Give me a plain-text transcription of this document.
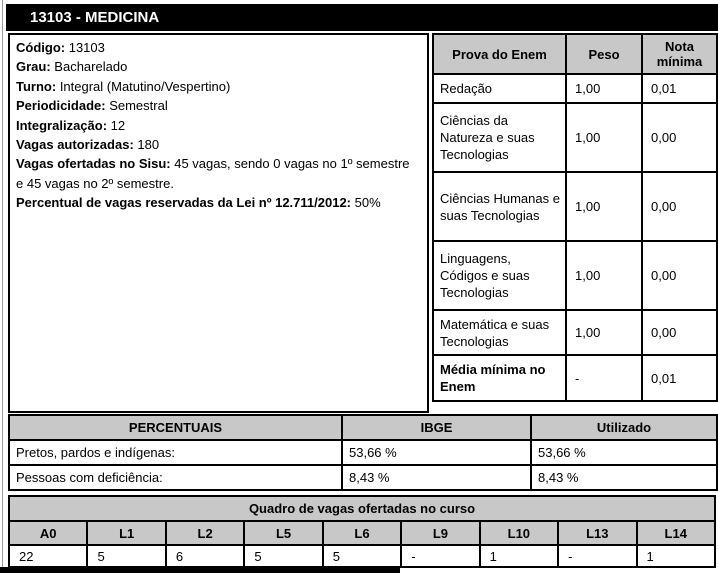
13103 - MEDICINA
Código: 13103
Grau: Bacharelado
Turno: Integral (Matutino/Vespertino)
Periodicidade: Semestral
Integralização: 12
Vagas autorizadas: 180
Vagas ofertadas no Sisu: 45 vagas, sendo 0 vagas no 1º semestre e 45 vagas no 2º semestre.
Percentual de vagas reservadas da Lei nº 12.711/2012: 50%
Prova do Enem	Peso	Nota mínima
Redação	1,00	0,01
Ciências da Natureza e suas Tecnologias	1,00	0,00
Ciências Humanas e suas Tecnologias	1,00	0,00
Linguagens, Códigos e suas Tecnologias	1,00	0,00
Matemática e suas Tecnologias	1,00	0,00
Média mínima no Enem	-	0,01
PERCENTUAIS	IBGE	Utilizado
Pretos, pardos e indígenas:	53,66 %	53,66 %
Pessoas com deficiência:	8,43 %	8,43 %
Quadro de vagas ofertadas no curso								
A0	L1	L2	L5	L6	L9	L10	L13	L14
22	5	6	5	5	-	1	-	1
